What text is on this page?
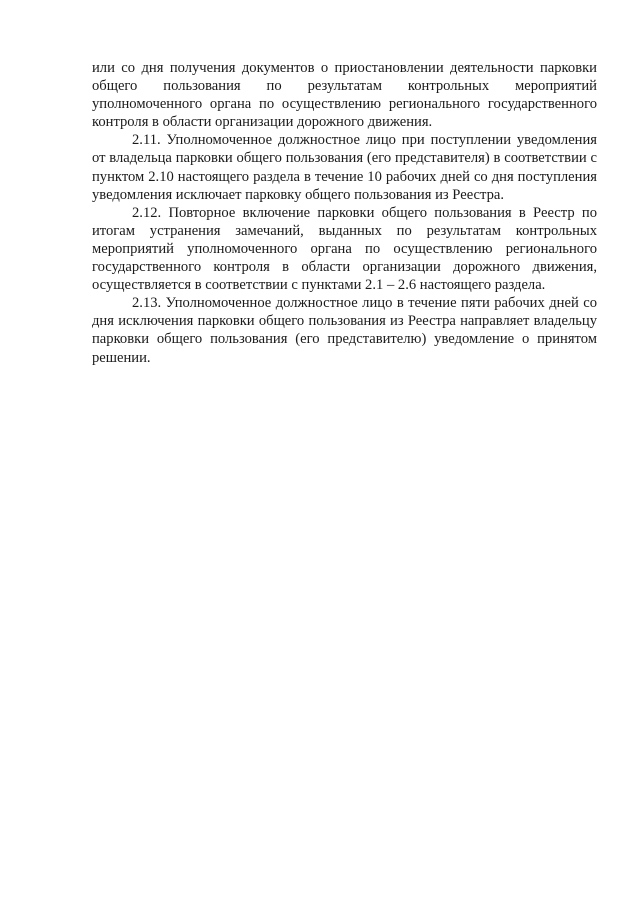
или со дня получения документов о приостановлении деятельности парковки общего пользования по результатам контрольных мероприятий уполномоченного органа по осуществлению регионального государственного контроля в области организации дорожного движения.

2.11. Уполномоченное должностное лицо при поступлении уведомления от владельца парковки общего пользования (его представителя) в соответствии с пунктом 2.10 настоящего раздела в течение 10 рабочих дней со дня поступления уведомления исключает парковку общего пользования из Реестра.

2.12. Повторное включение парковки общего пользования в Реестр по итогам устранения замечаний, выданных по результатам контрольных мероприятий уполномоченного органа по осуществлению регионального государственного контроля в области организации дорожного движения, осуществляется в соответствии с пунктами 2.1 – 2.6 настоящего раздела.

2.13. Уполномоченное должностное лицо в течение пяти рабочих дней со дня исключения парковки общего пользования из Реестра направляет владельцу парковки общего пользования (его представителю) уведомление о принятом решении.
